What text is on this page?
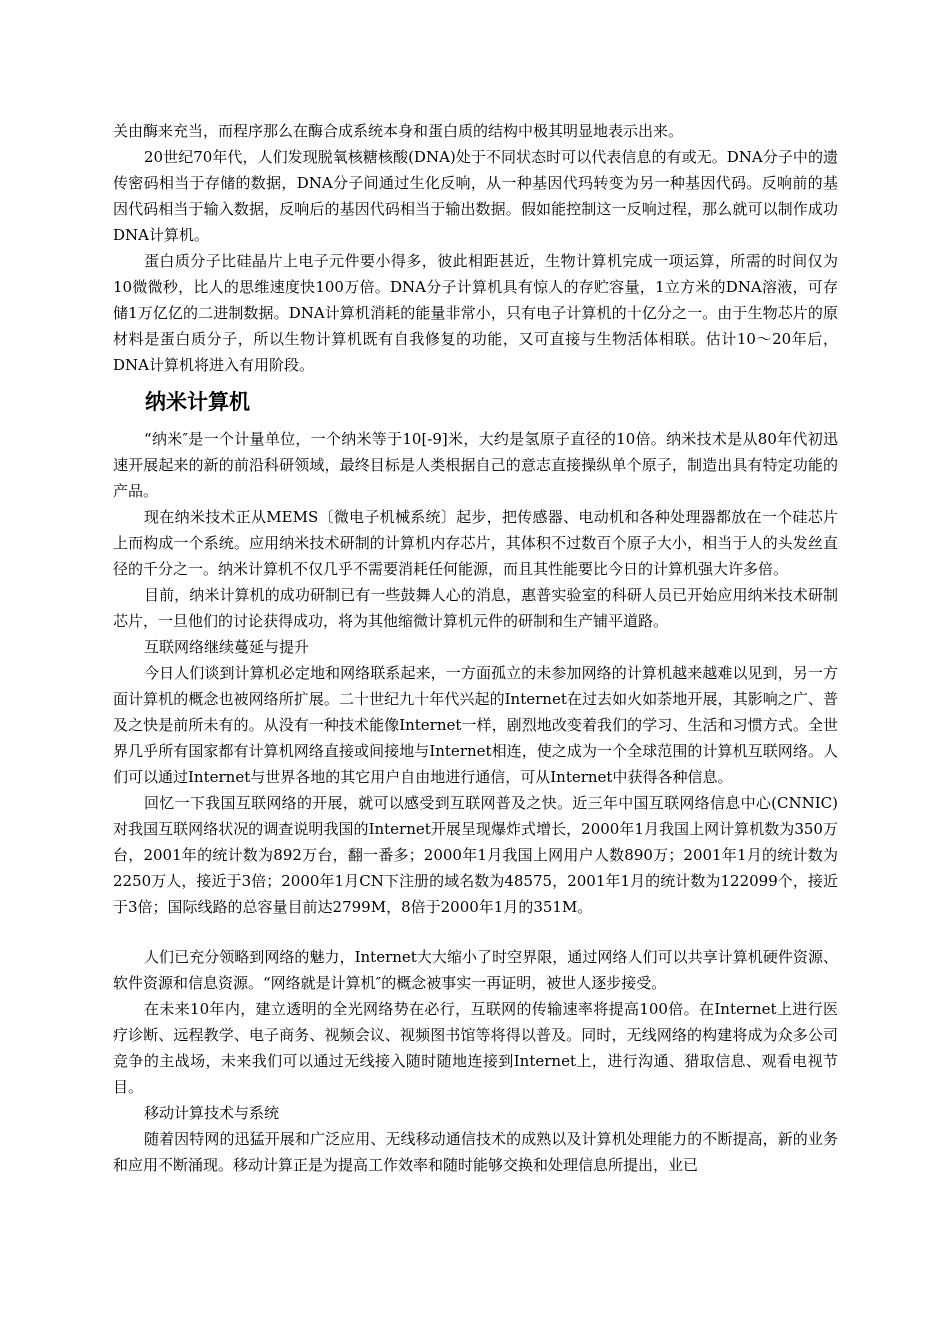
关由酶来充当，而程序那么在酶合成系统本身和蛋白质的结构中极其明显地表示出来。

20世纪70年代，人们发现脱氧核糖核酸(DNA)处于不同状态时可以代表信息的有或无。DNA分子中的遗传密码相当于存储的数据，DNA分子间通过生化反响，从一种基因代玛转变为另一种基因代码。反响前的基因代码相当于输入数据，反响后的基因代码相当于输出数据。假如能控制这一反响过程，那么就可以制作成功DNA计算机。

蛋白质分子比硅晶片上电子元件要小得多，彼此相距甚近，生物计算机完成一项运算，所需的时间仅为10微微秒，比人的思维速度快100万倍。DNA分子计算机具有惊人的存贮容量，1立方米的DNA溶液，可存储1万亿亿的二进制数据。DNA计算机消耗的能量非常小，只有电子计算机的十亿分之一。由于生物芯片的原材料是蛋白质分子，所以生物计算机既有自我修复的功能，又可直接与生物活体相联。估计10～20年后，DNA计算机将进入有用阶段。

纳米计算机

“纳米″是一个计量单位，一个纳米等于10[-9]米，大约是氢原子直径的10倍。纳米技术是从80年代初迅速开展起来的新的前沿科研领域，最终目标是人类根据自己的意志直接操纵单个原子，制造出具有特定功能的产品。

现在纳米技术正从MEMS〔微电子机械系统〕起步，把传感器、电动机和各种处理器都放在一个硅芯片上而构成一个系统。应用纳米技术研制的计算机内存芯片，其体积不过数百个原子大小，相当于人的头发丝直径的千分之一。纳米计算机不仅几乎不需要消耗任何能源，而且其性能要比今日的计算机强大许多倍。

目前，纳米计算机的成功研制已有一些鼓舞人心的消息，惠普实验室的科研人员已开始应用纳米技术研制芯片，一旦他们的讨论获得成功，将为其他缩微计算机元件的研制和生产铺平道路。

互联网络继续蔓延与提升

今日人们谈到计算机必定地和网络联系起来，一方面孤立的未参加网络的计算机越来越难以见到，另一方面计算机的概念也被网络所扩展。二十世纪九十年代兴起的Internet在过去如火如荼地开展，其影响之广、普及之快是前所未有的。从没有一种技术能像Internet一样，剧烈地改变着我们的学习、生活和习惯方式。全世界几乎所有国家都有计算机网络直接或间接地与Internet相连，使之成为一个全球范围的计算机互联网络。人们可以通过Internet与世界各地的其它用户自由地进行通信，可从Internet中获得各种信息。

回忆一下我国互联网络的开展，就可以感受到互联网普及之快。近三年中国互联网络信息中心(CNNIC)对我国互联网络状况的调查说明我国的Internet开展呈现爆炸式增长，2000年1月我国上网计算机数为350万台，2001年的统计数为892万台，翻一番多；2000年1月我国上网用户人数890万；2001年1月的统计数为2250万人，接近于3倍；2000年1月CN下注册的域名数为48575，2001年1月的统计数为122099个，接近于3倍；国际线路的总容量目前达2799M，8倍于2000年1月的351M。

人们已充分领略到网络的魅力，Internet大大缩小了时空界限，通过网络人们可以共享计算机硬件资源、软件资源和信息资源。“网络就是计算机″的概念被事实一再证明，被世人逐步接受。

在未来10年内，建立透明的全光网络势在必行，互联网的传输速率将提高100倍。在Internet上进行医疗诊断、远程教学、电子商务、视频会议、视频图书馆等将得以普及。同时，无线网络的构建将成为众多公司竞争的主战场，未来我们可以通过无线接入随时随地连接到Internet上，进行沟通、猎取信息、观看电视节目。

移动计算技术与系统

随着因特网的迅猛开展和广泛应用、无线移动通信技术的成熟以及计算机处理能力的不断提高，新的业务和应用不断涌现。移动计算正是为提高工作效率和随时能够交换和处理信息所提出，业已
